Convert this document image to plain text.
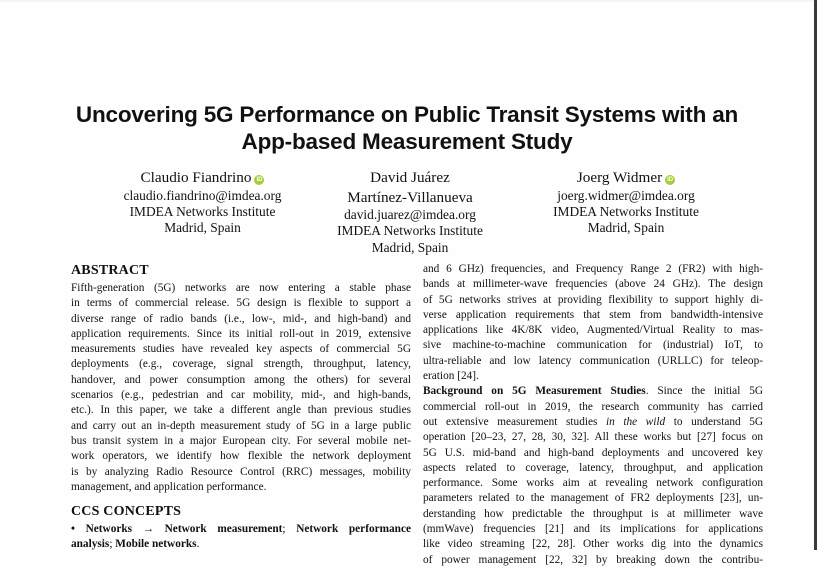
Uncovering 5G Performance on Public Transit Systems with an
App-based Measurement Study
Claudio Fiandrino ID
claudio.fiandrino@imdea.org
IMDEA Networks Institute
Madrid, Spain
David Juárez
Martínez-Villanueva
david.juarez@imdea.org
IMDEA Networks Institute
Madrid, Spain
Joerg Widmer ID
joerg.widmer@imdea.org
IMDEA Networks Institute
Madrid, Spain
ABSTRACT

Fifth-generation (5G) networks are now entering a stable phase
in terms of commercial release. 5G design is flexible to support a
diverse range of radio bands (i.e., low-, mid-, and high-band) and
application requirements. Since its initial roll-out in 2019, extensive
measurements studies have revealed key aspects of commercial 5G
deployments (e.g., coverage, signal strength, throughput, latency,
handover, and power consumption among the others) for several
scenarios (e.g., pedestrian and car mobility, mid-, and high-bands,
etc.). In this paper, we take a different angle than previous studies
and carry out an in-depth measurement study of 5G in a large public
bus transit system in a major European city. For several mobile net-
work operators, we identify how flexible the network deployment
is by analyzing Radio Resource Control (RRC) messages, mobility
management, and application performance.

CCS CONCEPTS

• Networks → Network measurement; Network performance
analysis; Mobile networks.

and 6 GHz) frequencies, and Frequency Range 2 (FR2) with high-
bands at millimeter-wave frequencies (above 24 GHz). The design
of 5G networks strives at providing flexibility to support highly di-
verse application requirements that stem from bandwidth-intensive
applications like 4K/8K video, Augmented/Virtual Reality to mas-
sive machine-to-machine communication for (industrial) IoT, to
ultra-reliable and low latency communication (URLLC) for teleop-
eration [24].

Background on 5G Measurement Studies. Since the initial 5G
commercial roll-out in 2019, the research community has carried
out extensive measurement studies in the wild to understand 5G
operation [20–23, 27, 28, 30, 32]. All these works but [27] focus on
5G U.S. mid-band and high-band deployments and uncovered key
aspects related to coverage, latency, throughput, and application
performance. Some works aim at revealing network configuration
parameters related to the management of FR2 deployments [23], un-
derstanding how predictable the throughput is at millimeter wave
(mmWave) frequencies [21] and its implications for applications
like video streaming [22, 28]. Other works dig into the dynamics
of power management [22, 32] by breaking down the contribu-
